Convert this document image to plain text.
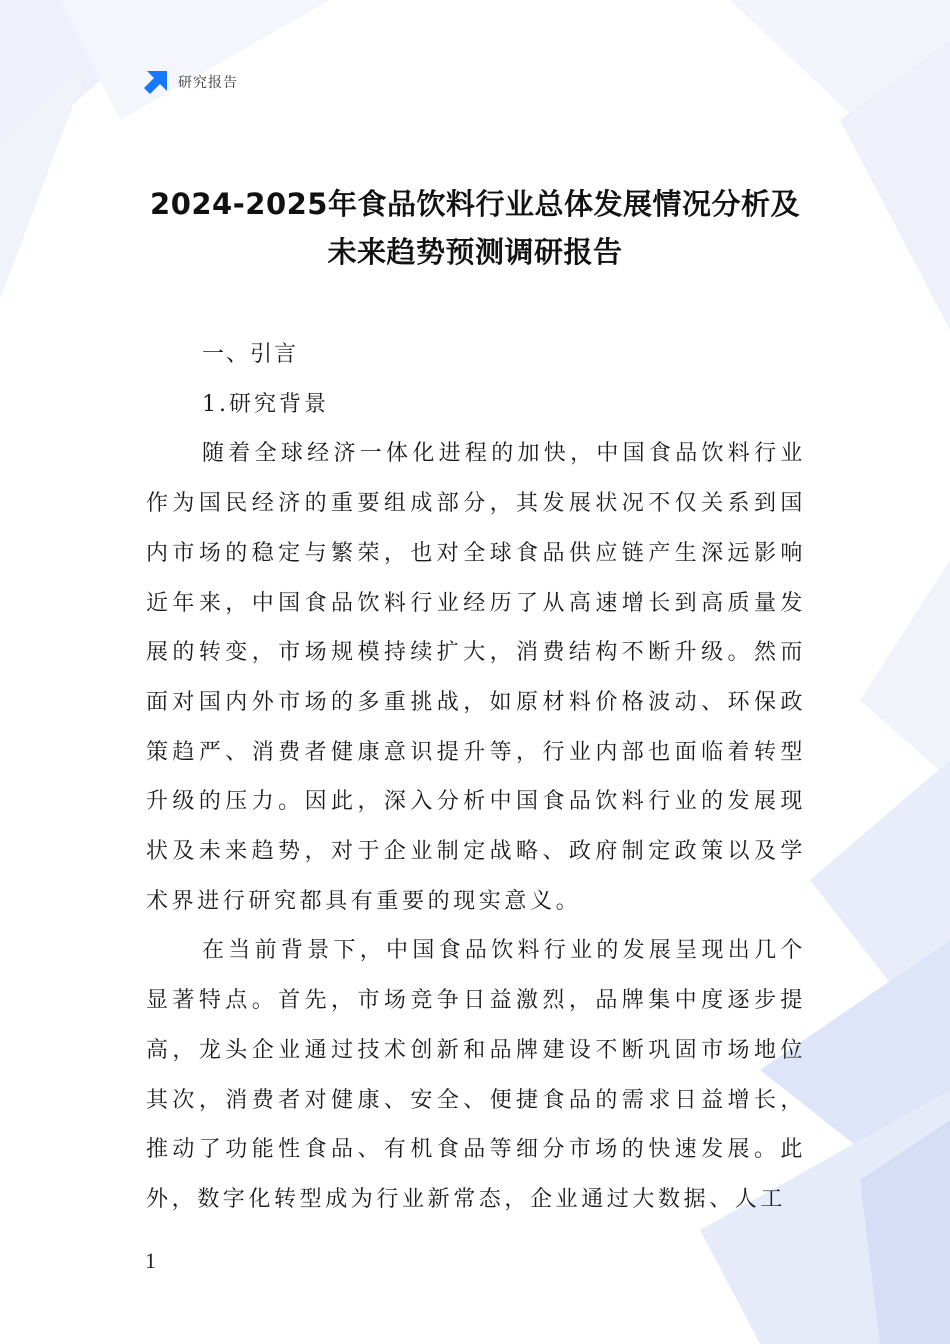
研究报告
2024-2025年食品饮料行业总体发展情况分析及
未来趋势预测调研报告

一、引言

1.研究背景

随着全球经济一体化进程的加快，中国食品饮料行业作为国民经济的重要组成部分，其发展状况不仅关系到国内市场的稳定与繁荣，也对全球食品供应链产生深远影响近年来，中国食品饮料行业经历了从高速增长到高质量发展的转变，市场规模持续扩大，消费结构不断升级。然而面对国内外市场的多重挑战，如原材料价格波动、环保政策趋严、消费者健康意识提升等，行业内部也面临着转型升级的压力。因此，深入分析中国食品饮料行业的发展现状及未来趋势，对于企业制定战略、政府制定政策以及学术界进行研究都具有重要的现实意义。

在当前背景下，中国食品饮料行业的发展呈现出几个显著特点。首先，市场竞争日益激烈，品牌集中度逐步提高，龙头企业通过技术创新和品牌建设不断巩固市场地位其次，消费者对健康、安全、便捷食品的需求日益增长，推动了功能性食品、有机食品等细分市场的快速发展。此外，数字化转型成为行业新常态，企业通过大数据、人工

1
